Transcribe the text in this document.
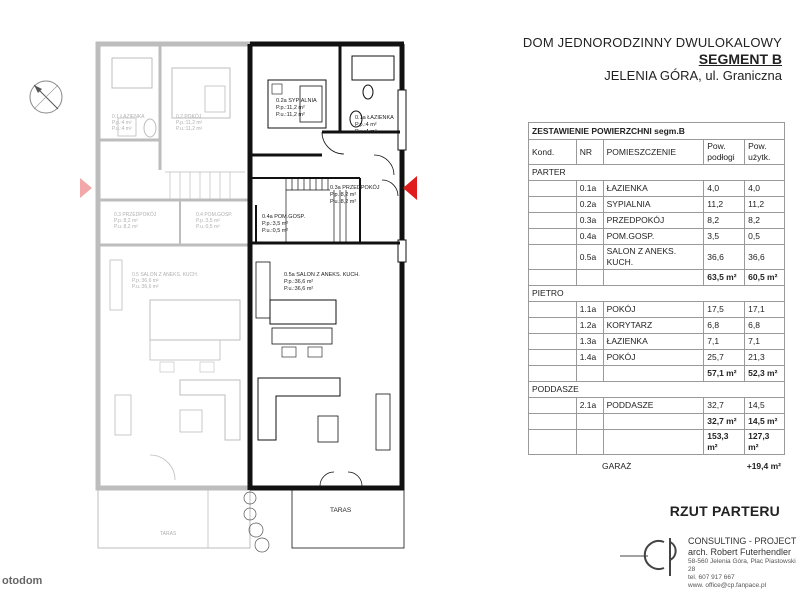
0.1 ŁAZIENKA
P.p.:4 m²
P.u.:4 m²
0.2 POKÓJ
P.p.:11,2 m²
P.u.:11,2 m²
0.3 PRZEDPOKÓJ
P.p.:8,2 m²
P.u.:8,2 m²
0.4 POM.GOSP.
P.p.:3,5 m²
P.u.:0,5 m²
0.5 SALON Z ANEKS. KUCH.
P.p.:36,6 m²
P.u.:36,6 m²
TARAS
0.2a SYPIALNIA
P.p.:11,2 m²
P.u.:11,2 m²	0.1a ŁAZIENKA
P.p.:4 m²
P.u.:4 m²
0.3a PRZEDPOKÓJ
P.p.:8,2 m²
P.u.:8,2 m²
0.4a POM.GOSP.
P.p.:3,5 m²
P.u.:0,5 m²
0.5a SALON Z ANEKS. KUCH.
P.p.:36,6 m²
P.u.:36,6 m²
TARAS
otodom
DOM JEDNORODZINNY DWULOKALOWY
SEGMENT B
JELENIA GÓRA, ul. Graniczna
ZESTAWIENIE POWIERZCHNI segm.B				
Kond.	NR	POMIESZCZENIE	Pow. podłogi	Pow. użytk.
PARTER				
	0.1a	ŁAZIENKA	4,0	4,0
	0.2a	SYPIALNIA	11,2	11,2
	0.3a	PRZEDPOKÓJ	8,2	8,2
	0.4a	POM.GOSP.	3,5	0,5
	0.5a	SALON Z ANEKS. KUCH.	36,6	36,6
			63,5 m²	60,5 m²
PIETRO				
	1.1a	POKÓJ	17,5	17,1
	1.2a	KORYTARZ	6,8	6,8
	1.3a	ŁAZIENKA	7,1	7,1
	1.4a	POKÓJ	25,7	21,3
			57,1 m²	52,3 m²
PODDASZE				
	2.1a	PODDASZE	32,7	14,5
			32,7 m²	14,5 m²
			153,3 m²	127,3 m²
GARAŻ	+19,4 m²
RZUT PARTERU
CONSULTING - PROJECT
arch. Robert Futerhendler
58-560 Jelenia Góra, Plac Piastowski 28
tel. 607 917 667
www. office@cp.fanpace.pl
